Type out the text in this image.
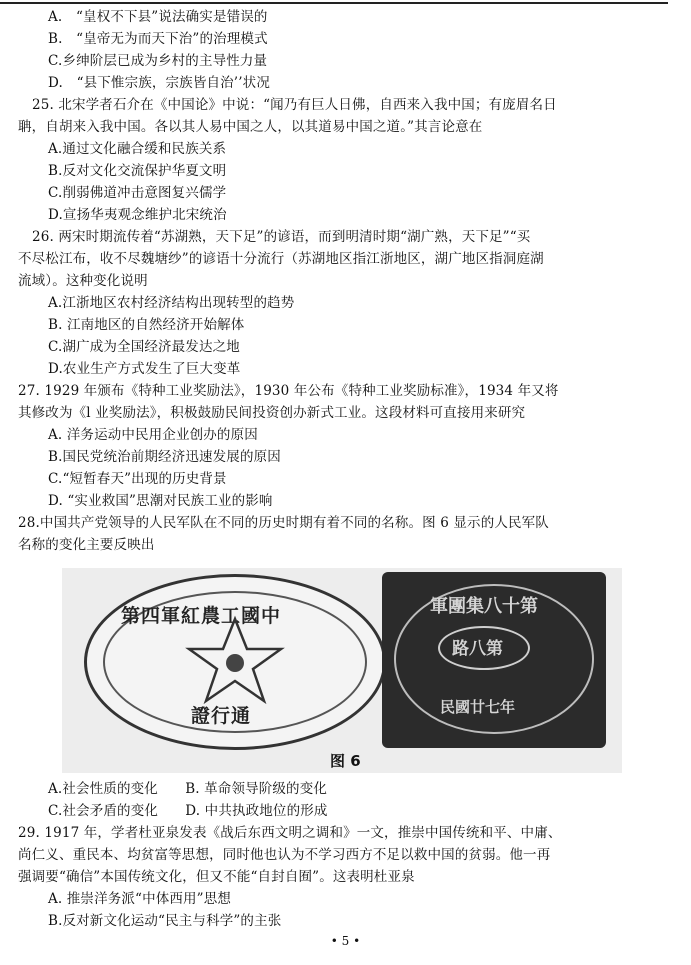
A.　“皇权不下县”说法确实是错误的
B.　“皇帝无为而天下治”的治理模式
C.乡绅阶层已成为乡村的主导性力量
D.　“县下惟宗族，宗族皆自治’’状况
25. 北宋学者石介在《中国论》中说：“闻乃有巨人日佛，自西来入我中国；有庞眉名日
聃，自胡来入我中国。各以其人易中国之人，以其道易中国之道。”其言论意在
A.通过文化融合缓和民族关系
B.反对文化交流保护华夏文明
C.削弱佛道冲击意图复兴儒学
D.宣扬华夷观念维护北宋统治
26. 两宋时期流传着“苏湖熟，天下足”的谚语，而到明清时期“湖广熟，天下足”“买
不尽松江布，收不尽魏塘纱”的谚语十分流行（苏湖地区指江浙地区，湖广地区指洞庭湖
流域）。这种变化说明
A.江浙地区农村经济结构出现转型的趋势
B. 江南地区的自然经济开始解体
C.湖广成为全国经济最发达之地
D.农业生产方式发生了巨大变革
27. 1929 年颁布《特种工业奖励法》，1930 年公布《特种工业奖励标准》，1934 年又将
其修改为《l 业奖励法》，积极鼓励民间投资创办新式工业。这段材料可直接用来研究
A. 洋务运动中民用企业创办的原因
B.国民党统治前期经济迅速发展的原因
C.“短暂春天”出现的历史背景
D. “实业救国”思潮对民族工业的影响
28.中国共产党领导的人民军队在不同的历史时期有着不同的名称。图 6 显示的人民军队
名称的变化主要反映出
A.社会性质的变化　　B. 革命领导阶级的变化
C.社会矛盾的变化　　D. 中共执政地位的形成
29. 1917 年，学者杜亚泉发表《战后东西文明之调和》一文，推崇中国传统和平、中庸、
尚仁义、重民本、均贫富等思想，同时他也认为不学习西方不足以救中国的贫弱。他一再
强调要“确信”本国传统文化，但又不能“自封自囿”。这表明杜亚泉
A. 推崇洋务派“中体西用”思想
B.反对新文化运动“民主与科学”的主张
第四軍紅農工國中
證行通
軍團集八十第
路八第
民國廿七年
图 6
• 5 •
